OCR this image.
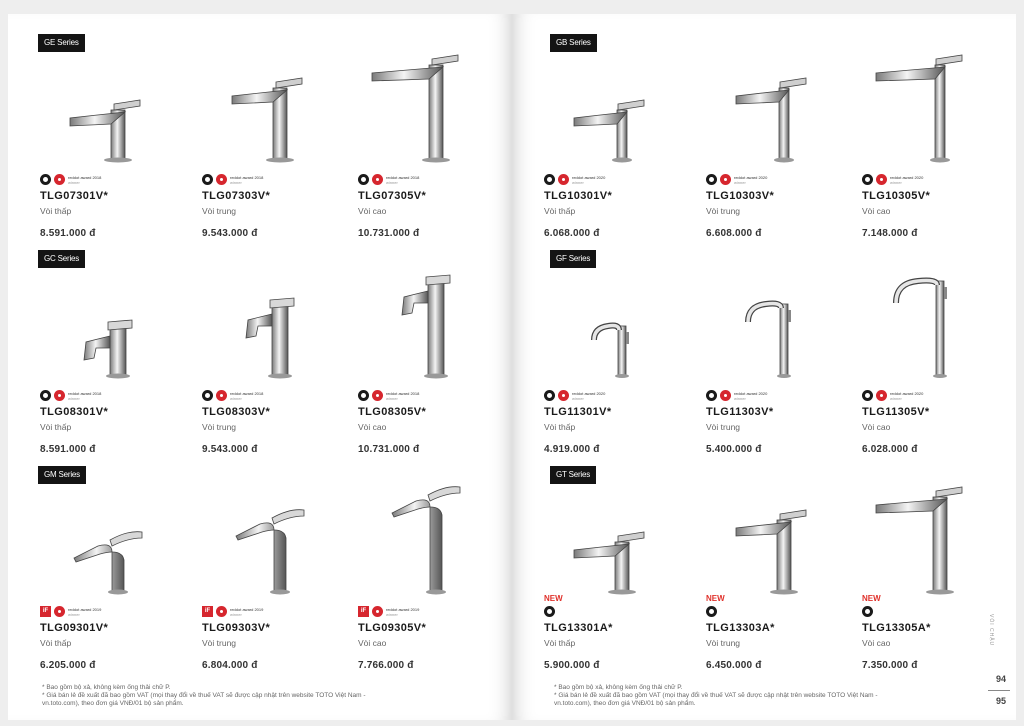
GE Series
reddot award 2018
winner
TLG07301V*
Vòi thấp
8.591.000 đ
reddot award 2018
winner
TLG07303V*
Vòi trung
9.543.000 đ
reddot award 2018
winner
TLG07305V*
Vòi cao
10.731.000 đ
GC Series
reddot award 2018
winner
TLG08301V*
Vòi thấp
8.591.000 đ
reddot award 2018
winner
TLG08303V*
Vòi trung
9.543.000 đ
reddot award 2018
winner
TLG08305V*
Vòi cao
10.731.000 đ
GM Series
iF	reddot award 2019
winner
TLG09301V*
Vòi thấp
6.205.000 đ
iF	reddot award 2019
winner
TLG09303V*
Vòi trung
6.804.000 đ
iF	reddot award 2019
winner
TLG09305V*
Vòi cao
7.766.000 đ
* Bao gồm bộ xả, không kèm ống thải chữ P.
* Giá bán lẻ đề xuất đã bao gồm VAT (mọi thay đổi về thuế VAT sẽ được cập nhật trên website TOTO Việt Nam -
vn.toto.com), theo đơn giá VNĐ/01 bộ sản phẩm.
VÒI CHẬU
94
95
GB Series
reddot award 2020
winner
TLG10301V*
Vòi thấp
6.068.000 đ
reddot award 2020
winner
TLG10303V*
Vòi trung
6.608.000 đ
reddot award 2020
winner
TLG10305V*
Vòi cao
7.148.000 đ
GF Series
reddot award 2020
winner
TLG11301V*
Vòi thấp
4.919.000 đ
reddot award 2020
winner
TLG11303V*
Vòi trung
5.400.000 đ
reddot award 2020
winner
TLG11305V*
Vòi cao
6.028.000 đ
GT Series
NEW
TLG13301A*
Vòi thấp
5.900.000 đ
NEW
TLG13303A*
Vòi trung
6.450.000 đ
NEW
TLG13305A*
Vòi cao
7.350.000 đ
* Bao gồm bộ xả, không kèm ống thải chữ P.
* Giá bán lẻ đề xuất đã bao gồm VAT (mọi thay đổi về thuế VAT sẽ được cập nhật trên website TOTO Việt Nam -
vn.toto.com), theo đơn giá VNĐ/01 bộ sản phẩm.
